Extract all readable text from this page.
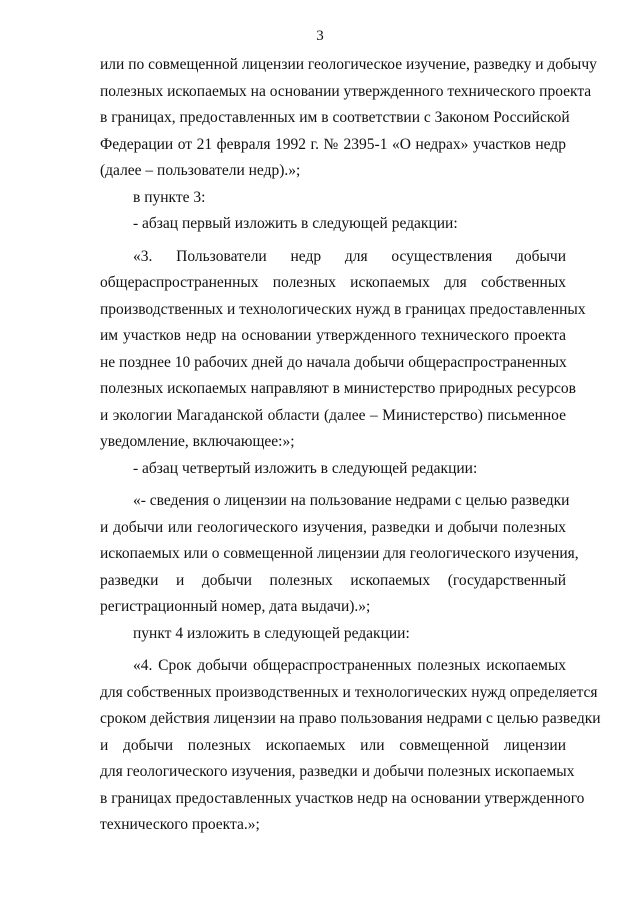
3
или по совмещенной лицензии геологическое изучение, разведку и добычу
полезных ископаемых на основании утвержденного технического проекта
в границах, предоставленных им в соответствии с Законом Российской
Федерации от 21 февраля 1992 г. № 2395-1 «О недрах» участков недр
(далее – пользователи недр).»;
в пункте 3:
- абзац первый изложить в следующей редакции:
«3. Пользователи недр для осуществления добычи
общераспространенных полезных ископаемых для собственных
производственных и технологических нужд в границах предоставленных
им участков недр на основании утвержденного технического проекта
не позднее 10 рабочих дней до начала добычи общераспространенных
полезных ископаемых направляют в министерство природных ресурсов
и экологии Магаданской области (далее – Министерство) письменное
уведомление, включающее:»;
- абзац четвертый изложить в следующей редакции:
«- сведения о лицензии на пользование недрами с целью разведки
и добычи или геологического изучения, разведки и добычи полезных
ископаемых или о совмещенной лицензии для геологического изучения,
разведки и добычи полезных ископаемых (государственный
регистрационный номер, дата выдачи).»;
пункт 4 изложить в следующей редакции:
«4. Срок добычи общераспространенных полезных ископаемых
для собственных производственных и технологических нужд определяется
сроком действия лицензии на право пользования недрами с целью разведки
и добычи полезных ископаемых или совмещенной лицензии
для геологического изучения, разведки и добычи полезных ископаемых
в границах предоставленных участков недр на основании утвержденного
технического проекта.»;
